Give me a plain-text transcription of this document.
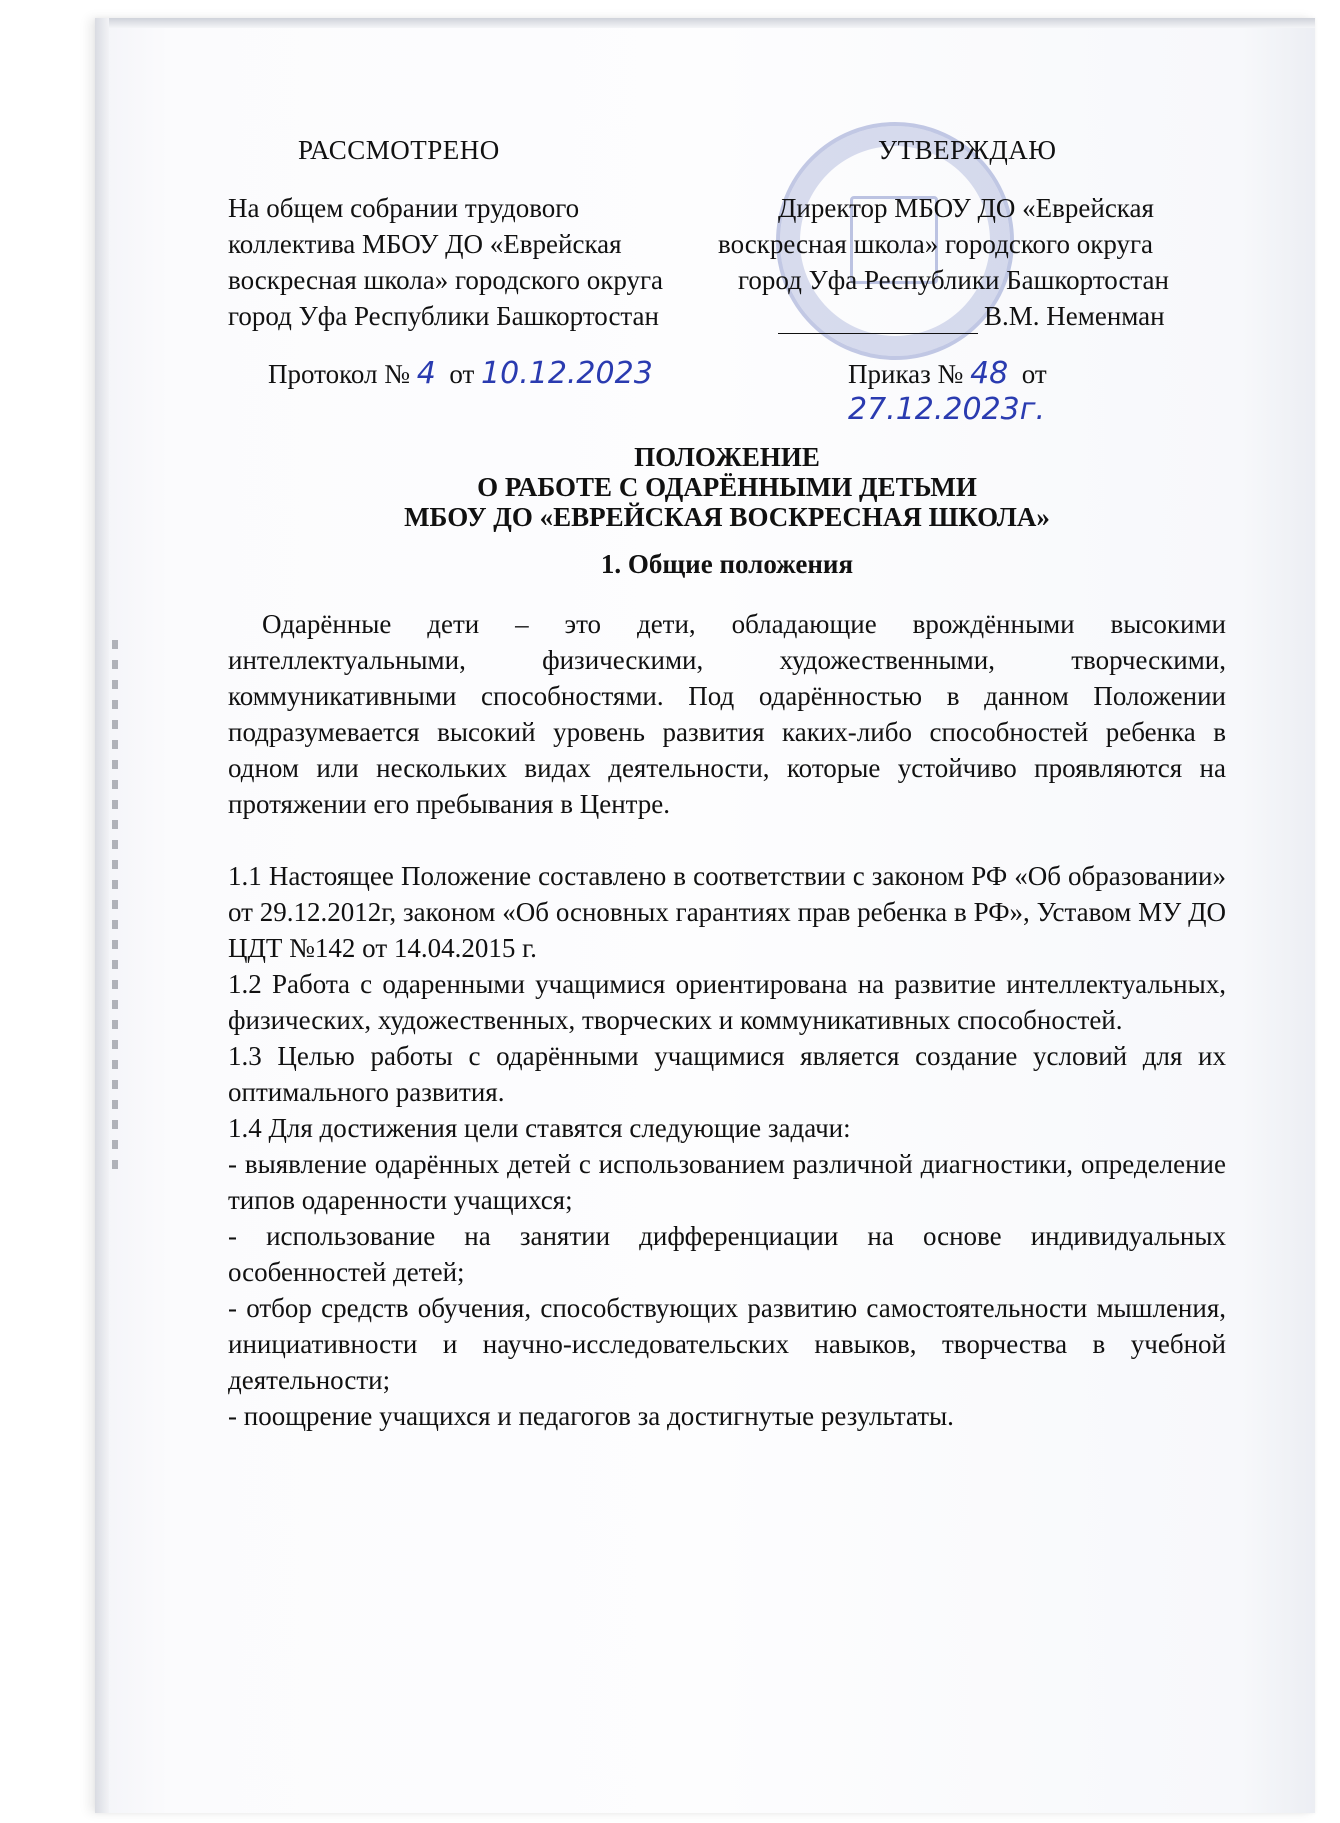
РАССМОТРЕНО
На общем собрании трудового
коллектива МБОУ ДО «Еврейская
воскресная школа» городского округа
город Уфа Республики Башкортостан
Протокол № 4 от 10.12.2023
УТВЕРЖДАЮ
Директор МБОУ ДО «Еврейская
воскресная школа» городского округа
город Уфа Республики Башкортостан
В.М. Неменман
Приказ № 48 от 27.12.2023г.
ПОЛОЖЕНИЕ
О РАБОТЕ С ОДАРЁННЫМИ ДЕТЬМИ
МБОУ ДО «ЕВРЕЙСКАЯ ВОСКРЕСНАЯ ШКОЛА»
1. Общие положения

Одарённые дети – это дети, обладающие врождёнными высокими интеллектуальными, физическими, художественными, творческими, коммуникативными способностями. Под одарённостью в данном Положении подразумевается высокий уровень развития каких-либо способностей ребенка в одном или нескольких видах деятельности, которые устойчиво проявляются на протяжении его пребывания в Центре.

1.1 Настоящее Положение составлено в соответствии с законом РФ «Об образовании» от 29.12.2012г, законом «Об основных гарантиях прав ребенка в РФ», Уставом МУ ДО ЦДТ №142 от 14.04.2015 г.

1.2 Работа с одаренными учащимися ориентирована на развитие интеллектуальных, физических, художественных, творческих и коммуникативных способностей.

1.3 Целью работы с одарёнными учащимися является создание условий для их оптимального развития.

1.4 Для достижения цели ставятся следующие задачи:

- выявление одарённых детей с использованием различной диагностики, определение типов одаренности учащихся;

- использование на занятии дифференциации на основе индивидуальных особенностей детей;

- отбор средств обучения, способствующих развитию самостоятельности мышления, инициативности и научно-исследовательских навыков, творчества в учебной деятельности;

- поощрение учащихся и педагогов за достигнутые результаты.
